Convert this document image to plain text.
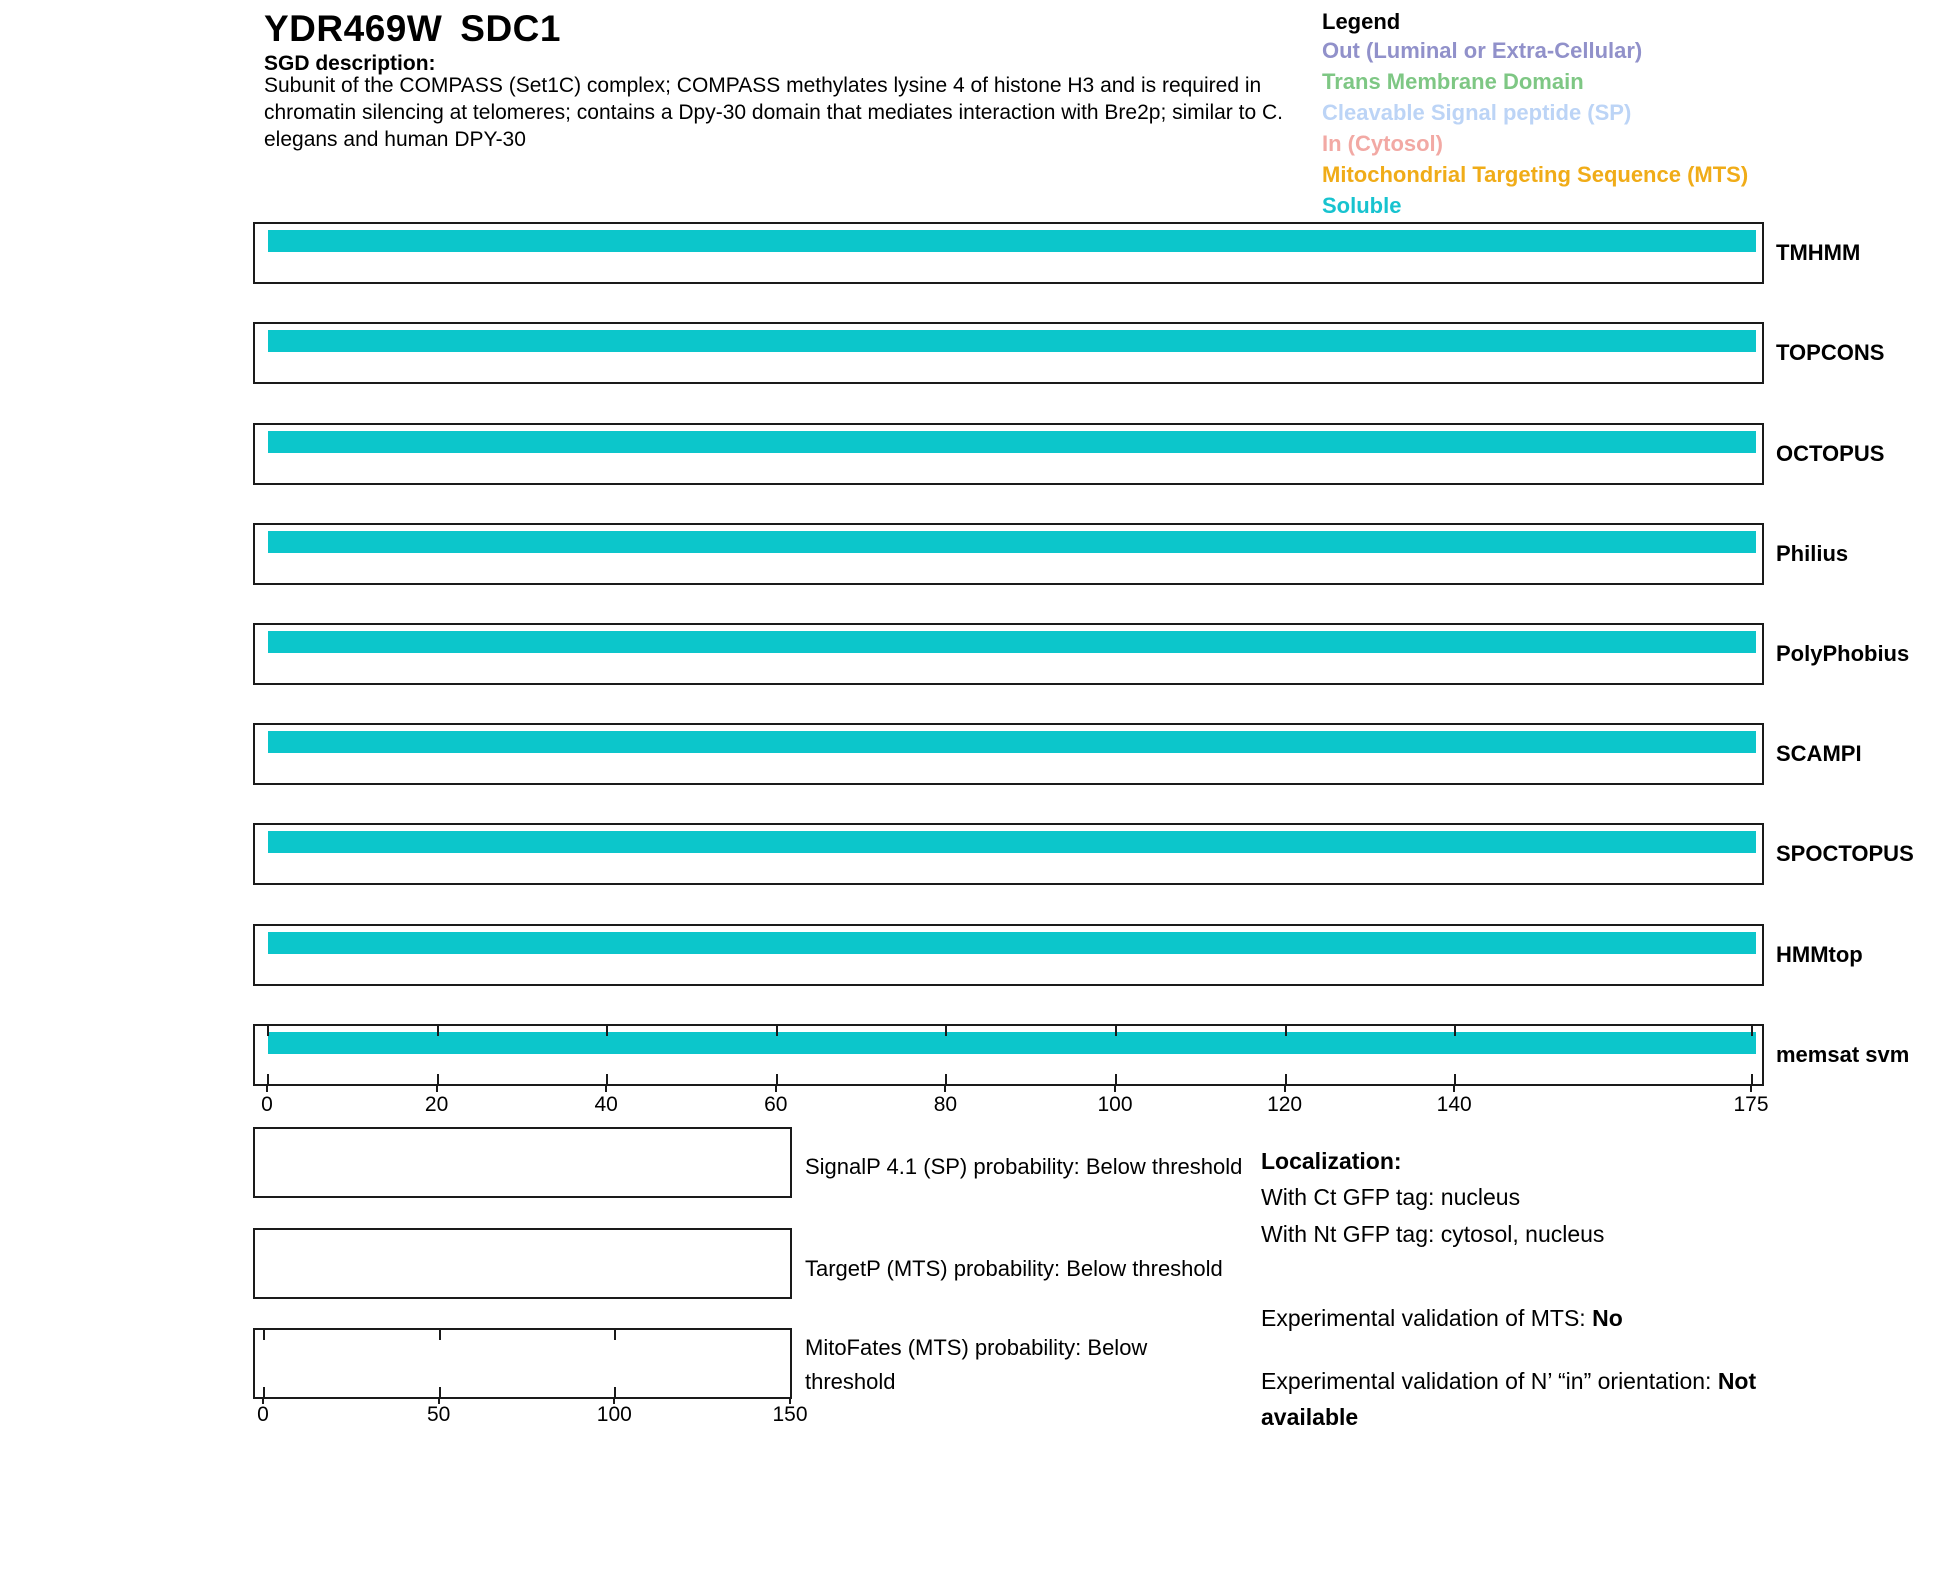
YDR469W SDC1
SGD description:
Subunit of the COMPASS (Set1C) complex; COMPASS methylates lysine 4 of histone H3 and is required in
chromatin silencing at telomeres; contains a Dpy-30 domain that mediates interaction with Bre2p; similar to C.
elegans and human DPY-30
Legend
Out (Luminal or Extra-Cellular)
Trans Membrane Domain
Cleavable Signal peptide (SP)
In (Cytosol)
Mitochondrial Targeting Sequence (MTS)
Soluble
TMHMM
TOPCONS
OCTOPUS
Philius
PolyPhobius
SCAMPI
SPOCTOPUS
HMMtop
memsat svm
0	20	40	60	80	100	120	140	175
SignalP 4.1 (SP) probability: Below threshold
TargetP (MTS) probability: Below threshold
MitoFates (MTS) probability: Below threshold
0	50	100	150
Localization:
With Ct GFP tag: nucleus
With Nt GFP tag: cytosol, nucleus
Experimental validation of MTS: No
Experimental validation of N’ “in” orientation: Not available
